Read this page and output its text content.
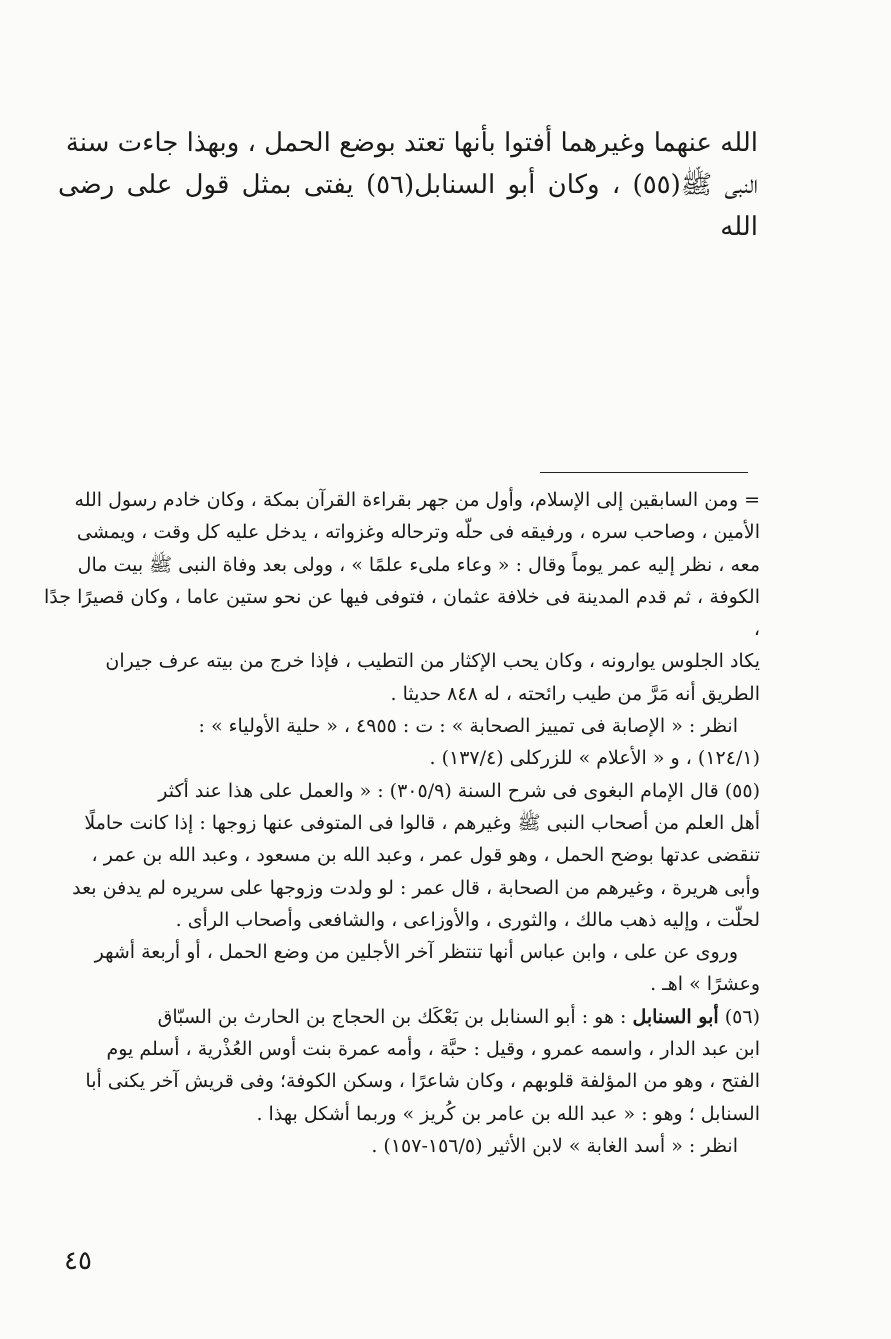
الله عنهما وغيرهما أفتوا بأنها تعتد بوضع الحمل ، وبهذا جاءت سنة

النبى ﷺ(٥٥) ، وكان أبو السنابل(٥٦) يفتى بمثل قول على رضى الله

= ومن السابقين إلى الإسلام، وأول من جهر بقراءة القرآن بمكة ، وكان خادم رسول الله

الأمين ، وصاحب سره ، ورفيقه فى حلّه وترحاله وغزواته ، يدخل عليه كل وقت ، ويمشى

معه ، نظر إليه عمر يوماً وقال : « وعاء ملىء علمًا » ، وولى بعد وفاة النبى ﷺ بيت مال

الكوفة ، ثم قدم المدينة فى خلافة عثمان ، فتوفى فيها عن نحو ستين عاما ، وكان قصيرًا جدًا ،

يكاد الجلوس يوارونه ، وكان يحب الإكثار من التطيب ، فإذا خرج من بيته عرف جيران

الطريق أنه مَرَّ من طيب رائحته ، له ٨٤٨ حديثا .

انظر : « الإصابة فى تمييز الصحابة » : ت : ٤٩٥٥ ، « حلية الأولياء » :

(١٢٤/١) ، و « الأعلام » للزركلى (١٣٧/٤) .

(٥٥) قال الإمام البغوى فى شرح السنة (٣٠٥/٩) : « والعمل على هذا عند أكثر

أهل العلم من أصحاب النبى ﷺ وغيرهم ، قالوا فى المتوفى عنها زوجها : إذا كانت حاملًا

تنقضى عدتها بوضح الحمل ، وهو قول عمر ، وعبد الله بن مسعود ، وعبد الله بن عمر ،

وأبى هريرة ، وغيرهم من الصحابة ، قال عمر : لو ولدت وزوجها على سريره لم يدفن بعد

لحلّت ، وإليه ذهب مالك ، والثورى ، والأوزاعى ، والشافعى وأصحاب الرأى .

وروى عن على ، وابن عباس أنها تنتظر آخر الأجلين من وضع الحمل ، أو أربعة أشهر

وعشرًا » اهـ .

(٥٦) أبو السنابل : هو : أبو السنابل بن بَعْكَك بن الحجاج بن الحارث بن السبّاق

ابن عبد الدار ، واسمه عمرو ، وقيل : حبَّة ، وأمه عمرة بنت أوس العُذْرية ، أسلم يوم

الفتح ، وهو من المؤلفة قلوبهم ، وكان شاعرًا ، وسكن الكوفة؛ وفى قريش آخر يكنى أبا

السنابل ؛ وهو : « عبد الله بن عامر بن كُريز » وربما أشكل بهذا .

انظر : « أسد الغابة » لابن الأثير (١٥٦/٥-١٥٧) .

٤٥
